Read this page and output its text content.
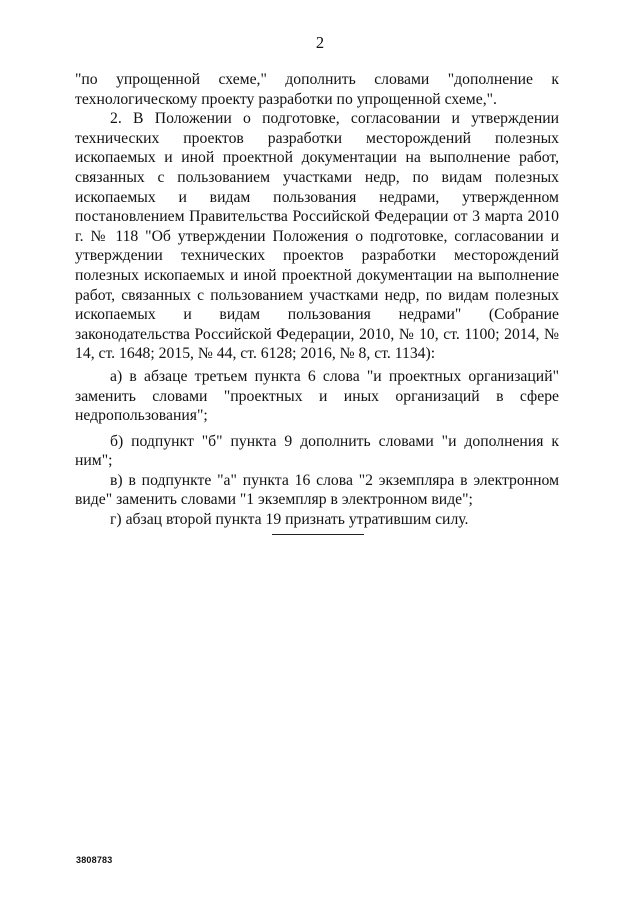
2

"по упрощенной схеме," дополнить словами "дополнение к технологическому проекту разработки по упрощенной схеме,".

2. В Положении о подготовке, согласовании и утверждении технических проектов разработки месторождений полезных ископаемых и иной проектной документации на выполнение работ, связанных с пользованием участками недр, по видам полезных ископаемых и видам пользования недрами, утвержденном постановлением Правительства Российской Федерации от 3 марта 2010 г. № 118 "Об утверждении Положения о подготовке, согласовании и утверждении технических проектов разработки месторождений полезных ископаемых и иной проектной документации на выполнение работ, связанных с пользованием участками недр, по видам полезных ископаемых и видам пользования недрами" (Собрание законодательства Российской Федерации, 2010, № 10, ст. 1100; 2014, № 14, ст. 1648; 2015, № 44, ст. 6128; 2016, № 8, ст. 1134):

а) в абзаце третьем пункта 6 слова "и проектных организаций" заменить словами "проектных и иных организаций в сфере недропользования";

б) подпункт "б" пункта 9 дополнить словами "и дополнения к ним";

в) в подпункте "а" пункта 16 слова "2 экземпляра в электронном виде" заменить словами "1 экземпляр в электронном виде";

г) абзац второй пункта 19 признать утратившим силу.

3808783
